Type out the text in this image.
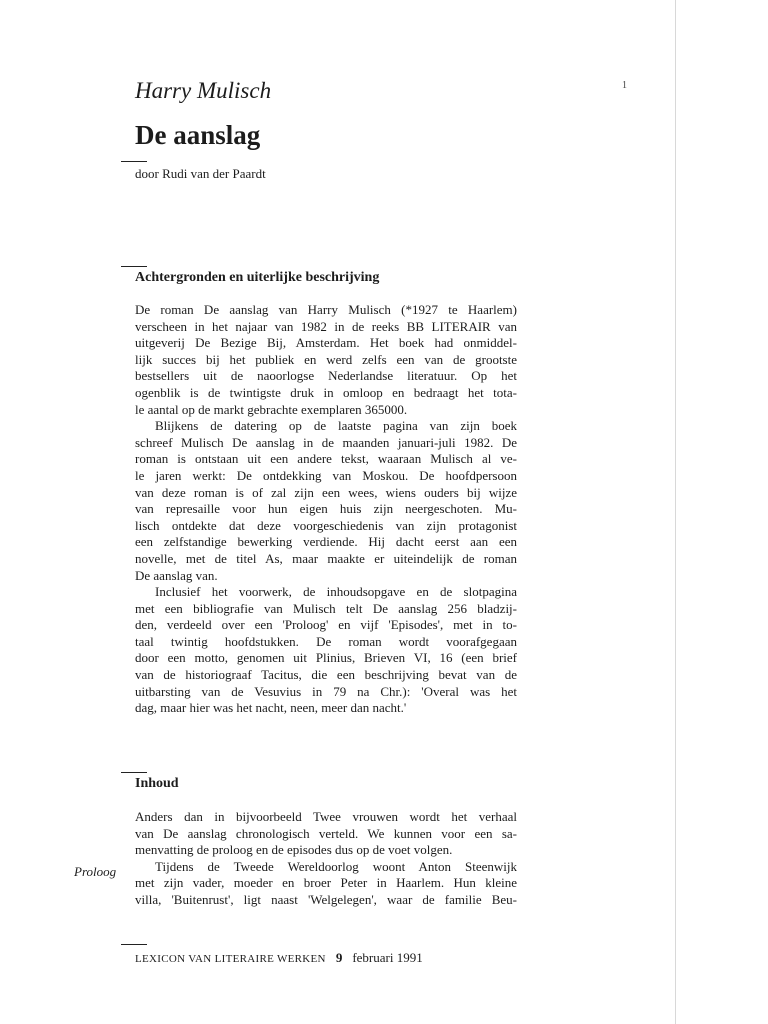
1
Harry Mulisch
De aanslag

door Rudi van der Paardt

Achtergronden en uiterlijke beschrijving
De roman De aanslag van Harry Mulisch (*1927 te Haarlem)
verscheen in het najaar van 1982 in de reeks BB LITERAIR van
uitgeverij De Bezige Bij, Amsterdam. Het boek had onmiddel-
lijk succes bij het publiek en werd zelfs een van de grootste
bestsellers uit de naoorlogse Nederlandse literatuur. Op het
ogenblik is de twintigste druk in omloop en bedraagt het tota-
le aantal op de markt gebrachte exemplaren 365000.
Blijkens de datering op de laatste pagina van zijn boek
schreef Mulisch De aanslag in de maanden januari-juli 1982. De
roman is ontstaan uit een andere tekst, waaraan Mulisch al ve-
le jaren werkt: De ontdekking van Moskou. De hoofdpersoon
van deze roman is of zal zijn een wees, wiens ouders bij wijze
van represaille voor hun eigen huis zijn neergeschoten. Mu-
lisch ontdekte dat deze voorgeschiedenis van zijn protagonist
een zelfstandige bewerking verdiende. Hij dacht eerst aan een
novelle, met de titel As, maar maakte er uiteindelijk de roman
De aanslag van.
Inclusief het voorwerk, de inhoudsopgave en de slotpagina
met een bibliografie van Mulisch telt De aanslag 256 bladzij-
den, verdeeld over een 'Proloog' en vijf 'Episodes', met in to-
taal twintig hoofdstukken. De roman wordt voorafgegaan
door een motto, genomen uit Plinius, Brieven VI, 16 (een brief
van de historiograaf Tacitus, die een beschrijving bevat van de
uitbarsting van de Vesuvius in 79 na Chr.): 'Overal was het
dag, maar hier was het nacht, neen, meer dan nacht.'
Inhoud
Anders dan in bijvoorbeeld Twee vrouwen wordt het verhaal
van De aanslag chronologisch verteld. We kunnen voor een sa-
menvatting de proloog en de episodes dus op de voet volgen.
Tijdens de Tweede Wereldoorlog woont Anton Steenwijk
met zijn vader, moeder en broer Peter in Haarlem. Hun kleine
villa, 'Buitenrust', ligt naast 'Welgelegen', waar de familie Beu-

Proloog

LEXICON VAN LITERAIRE WERKEN 9 februari 1991
